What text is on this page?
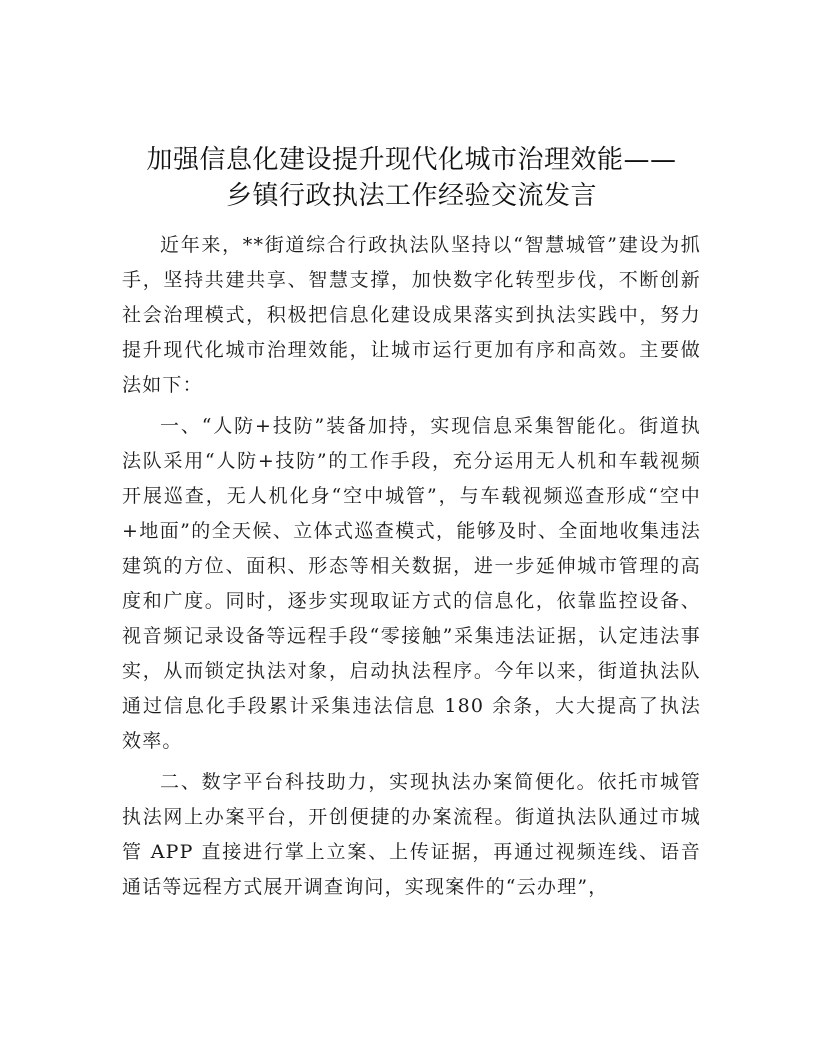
加强信息化建设提升现代化城市治理效能——
乡镇行政执法工作经验交流发言

近年来，**街道综合行政执法队坚持以“智慧城管”建设为抓手，坚持共建共享、智慧支撑，加快数字化转型步伐，不断创新社会治理模式，积极把信息化建设成果落实到执法实践中，努力提升现代化城市治理效能，让城市运行更加有序和高效。主要做法如下：

一、“人防+技防”装备加持，实现信息采集智能化。街道执法队采用“人防+技防”的工作手段，充分运用无人机和车载视频开展巡查，无人机化身“空中城管”，与车载视频巡查形成“空中+地面”的全天候、立体式巡查模式，能够及时、全面地收集违法建筑的方位、面积、形态等相关数据，进一步延伸城市管理的高度和广度。同时，逐步实现取证方式的信息化，依靠监控设备、视音频记录设备等远程手段“零接触”采集违法证据，认定违法事实，从而锁定执法对象，启动执法程序。今年以来，街道执法队通过信息化手段累计采集违法信息 180 余条，大大提高了执法效率。

二、数字平台科技助力，实现执法办案简便化。依托市城管执法网上办案平台，开创便捷的办案流程。街道执法队通过市城管 APP 直接进行掌上立案、上传证据，再通过视频连线、语音通话等远程方式展开调查询问，实现案件的“云办理”，
